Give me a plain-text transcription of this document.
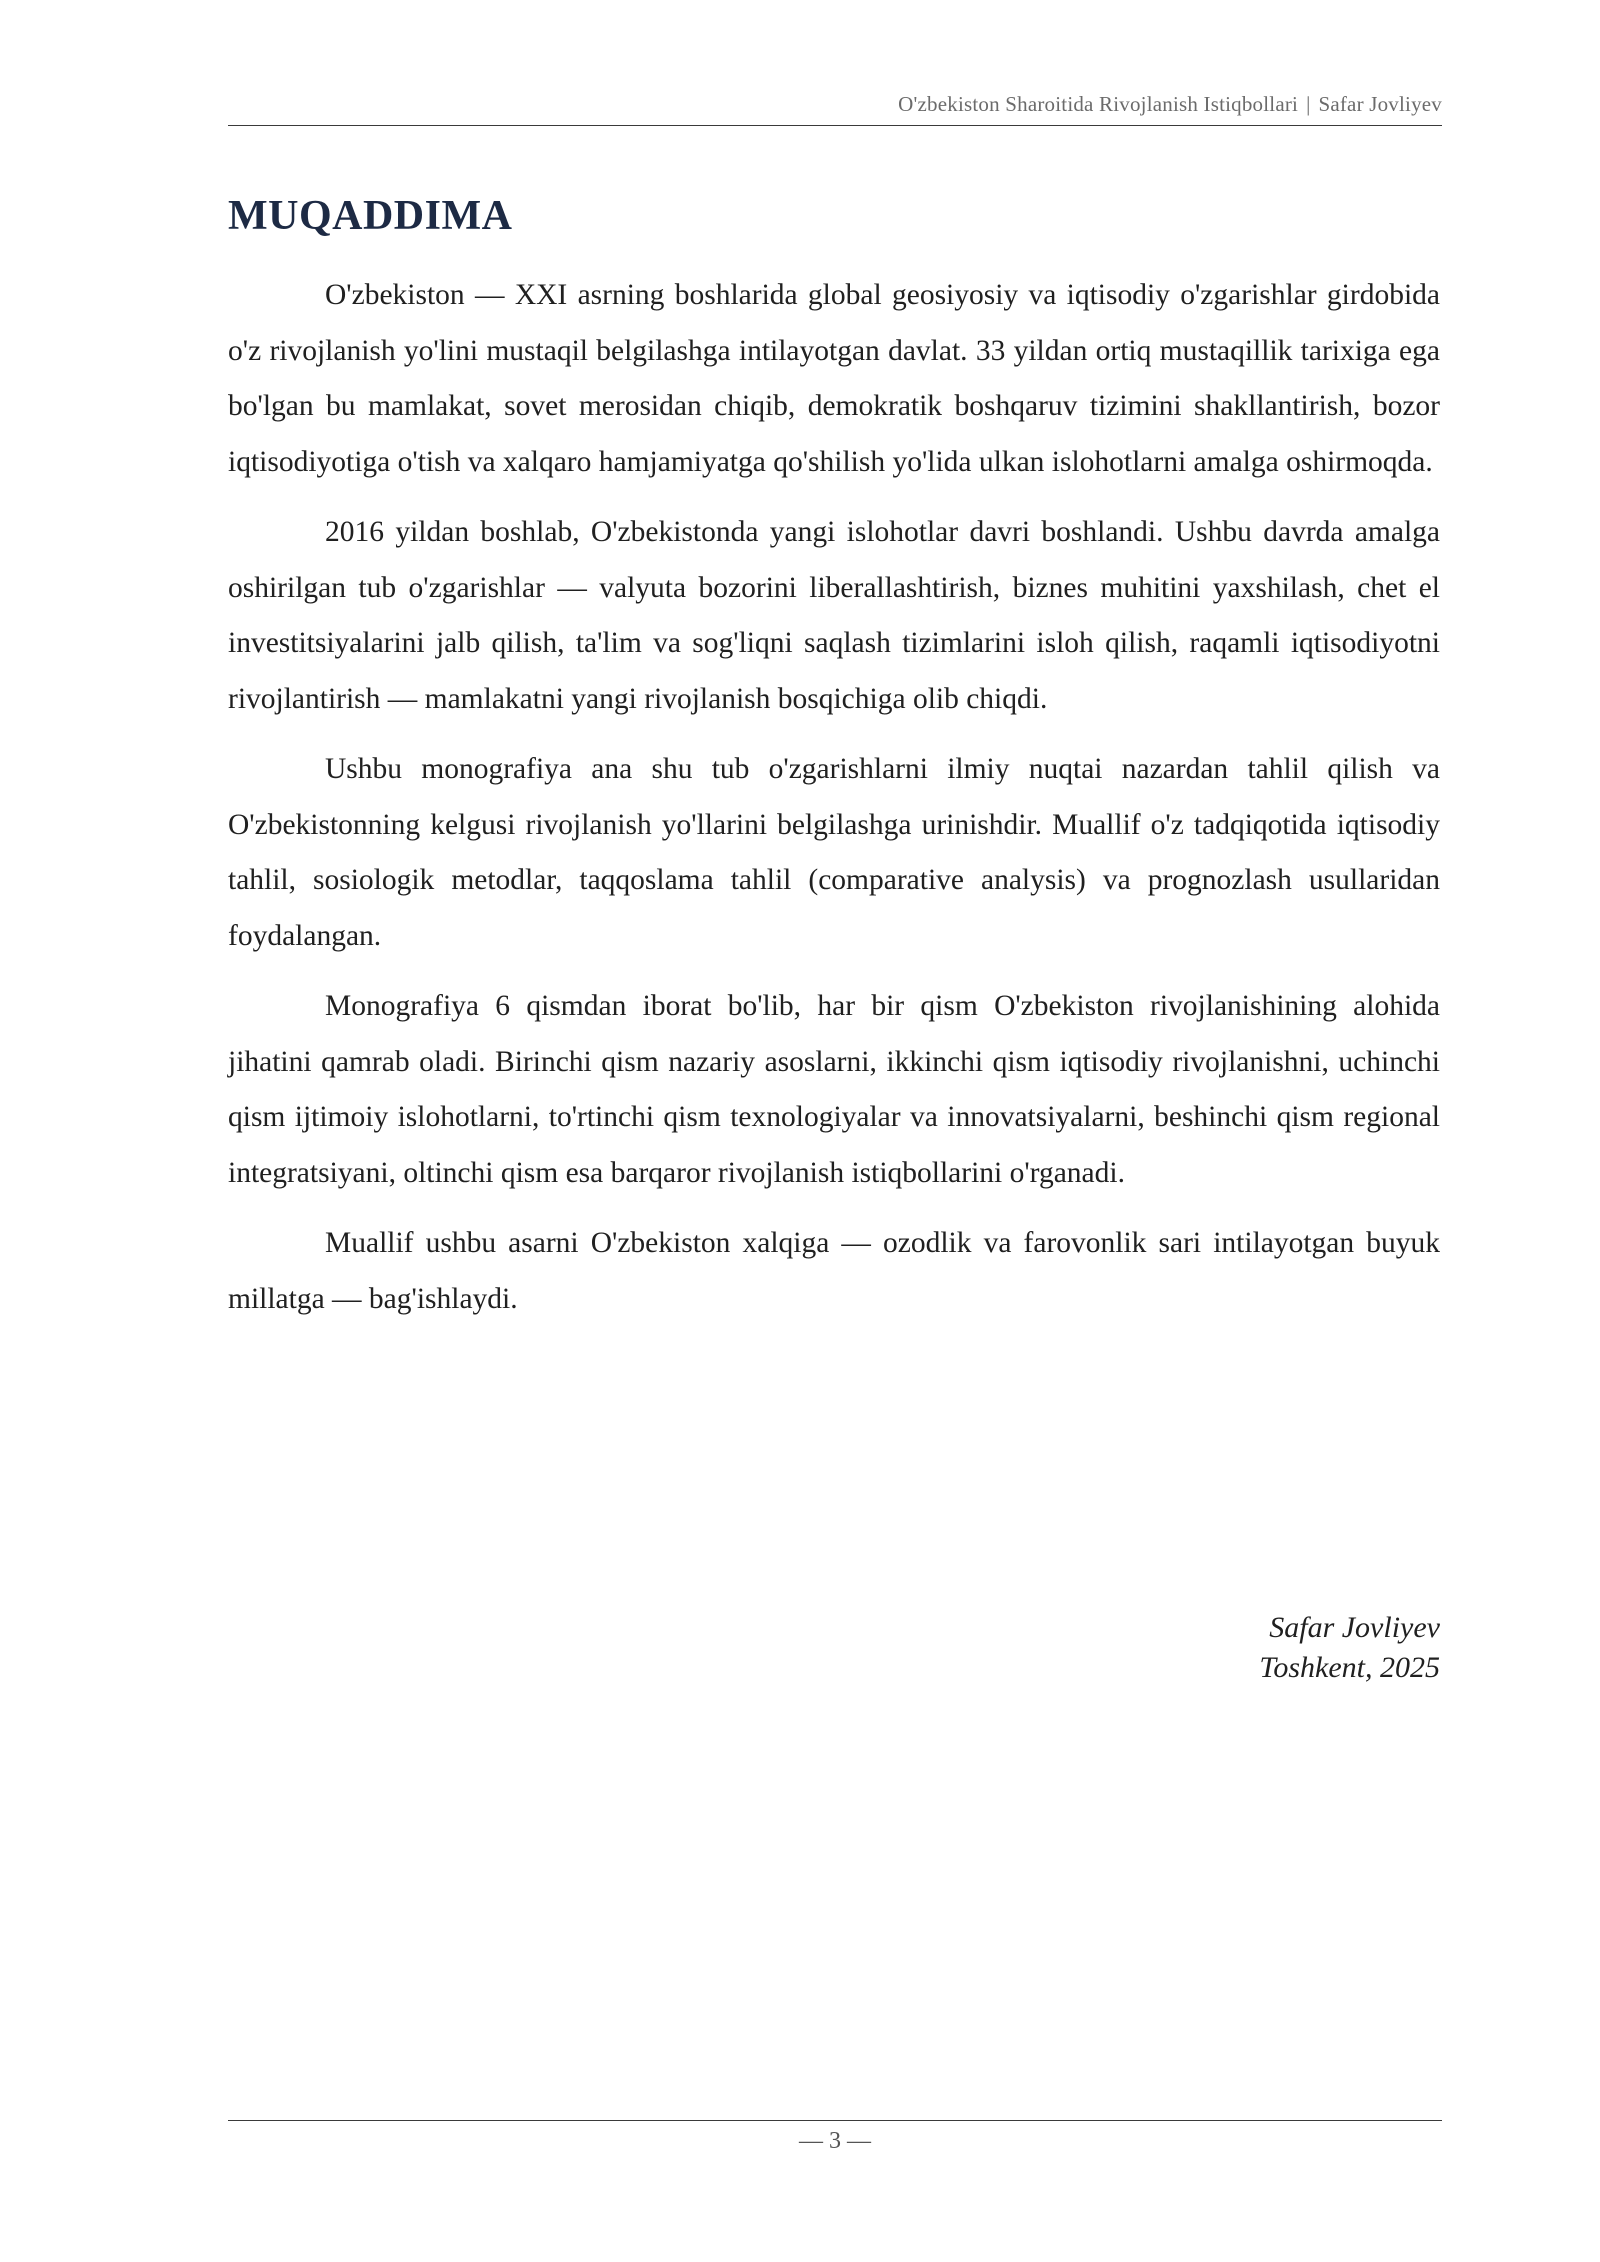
O'zbekiston Sharoitida Rivojlanish Istiqbollari | Safar Jovliyev
MUQADDIMA

O'zbekiston — XXI asrning boshlarida global geosiyosiy va iqtisodiy o'zgarishlar girdobida o'z rivojlanish yo'lini mustaqil belgilashga intilayotgan davlat. 33 yildan ortiq mustaqillik tarixiga ega bo'lgan bu mamlakat, sovet merosidan chiqib, demokratik boshqaruv tizimini shakllantirish, bozor iqtisodiyotiga o'tish va xalqaro hamjamiyatga qo'shilish yo'lida ulkan islohotlarni amalga oshirmoqda.

2016 yildan boshlab, O'zbekistonda yangi islohotlar davri boshlandi. Ushbu davrda amalga oshirilgan tub o'zgarishlar — valyuta bozorini liberallashtirish, biznes muhitini yaxshilash, chet el investitsiyalarini jalb qilish, ta'lim va sog'liqni saqlash tizimlarini isloh qilish, raqamli iqtisodiyotni rivojlantirish — mamlakatni yangi rivojlanish bosqichiga olib chiqdi.

Ushbu monografiya ana shu tub o'zgarishlarni ilmiy nuqtai nazardan tahlil qilish va O'zbekistonning kelgusi rivojlanish yo'llarini belgilashga urinishdir. Muallif o'z tadqiqotida iqtisodiy tahlil, sosiologik metodlar, taqqoslama tahlil (comparative analysis) va prognozlash usullaridan foydalangan.

Monografiya 6 qismdan iborat bo'lib, har bir qism O'zbekiston rivojlanishining alohida jihatini qamrab oladi. Birinchi qism nazariy asoslarni, ikkinchi qism iqtisodiy rivojlanishni, uchinchi qism ijtimoiy islohotlarni, to'rtinchi qism texnologiyalar va innovatsiyalarni, beshinchi qism regional integratsiyani, oltinchi qism esa barqaror rivojlanish istiqbollarini o'rganadi.

Muallif ushbu asarni O'zbekiston xalqiga — ozodlik va farovonlik sari intilayotgan buyuk millatga — bag'ishlaydi.

Safar Jovliyev
Toshkent, 2025
— 3 —
